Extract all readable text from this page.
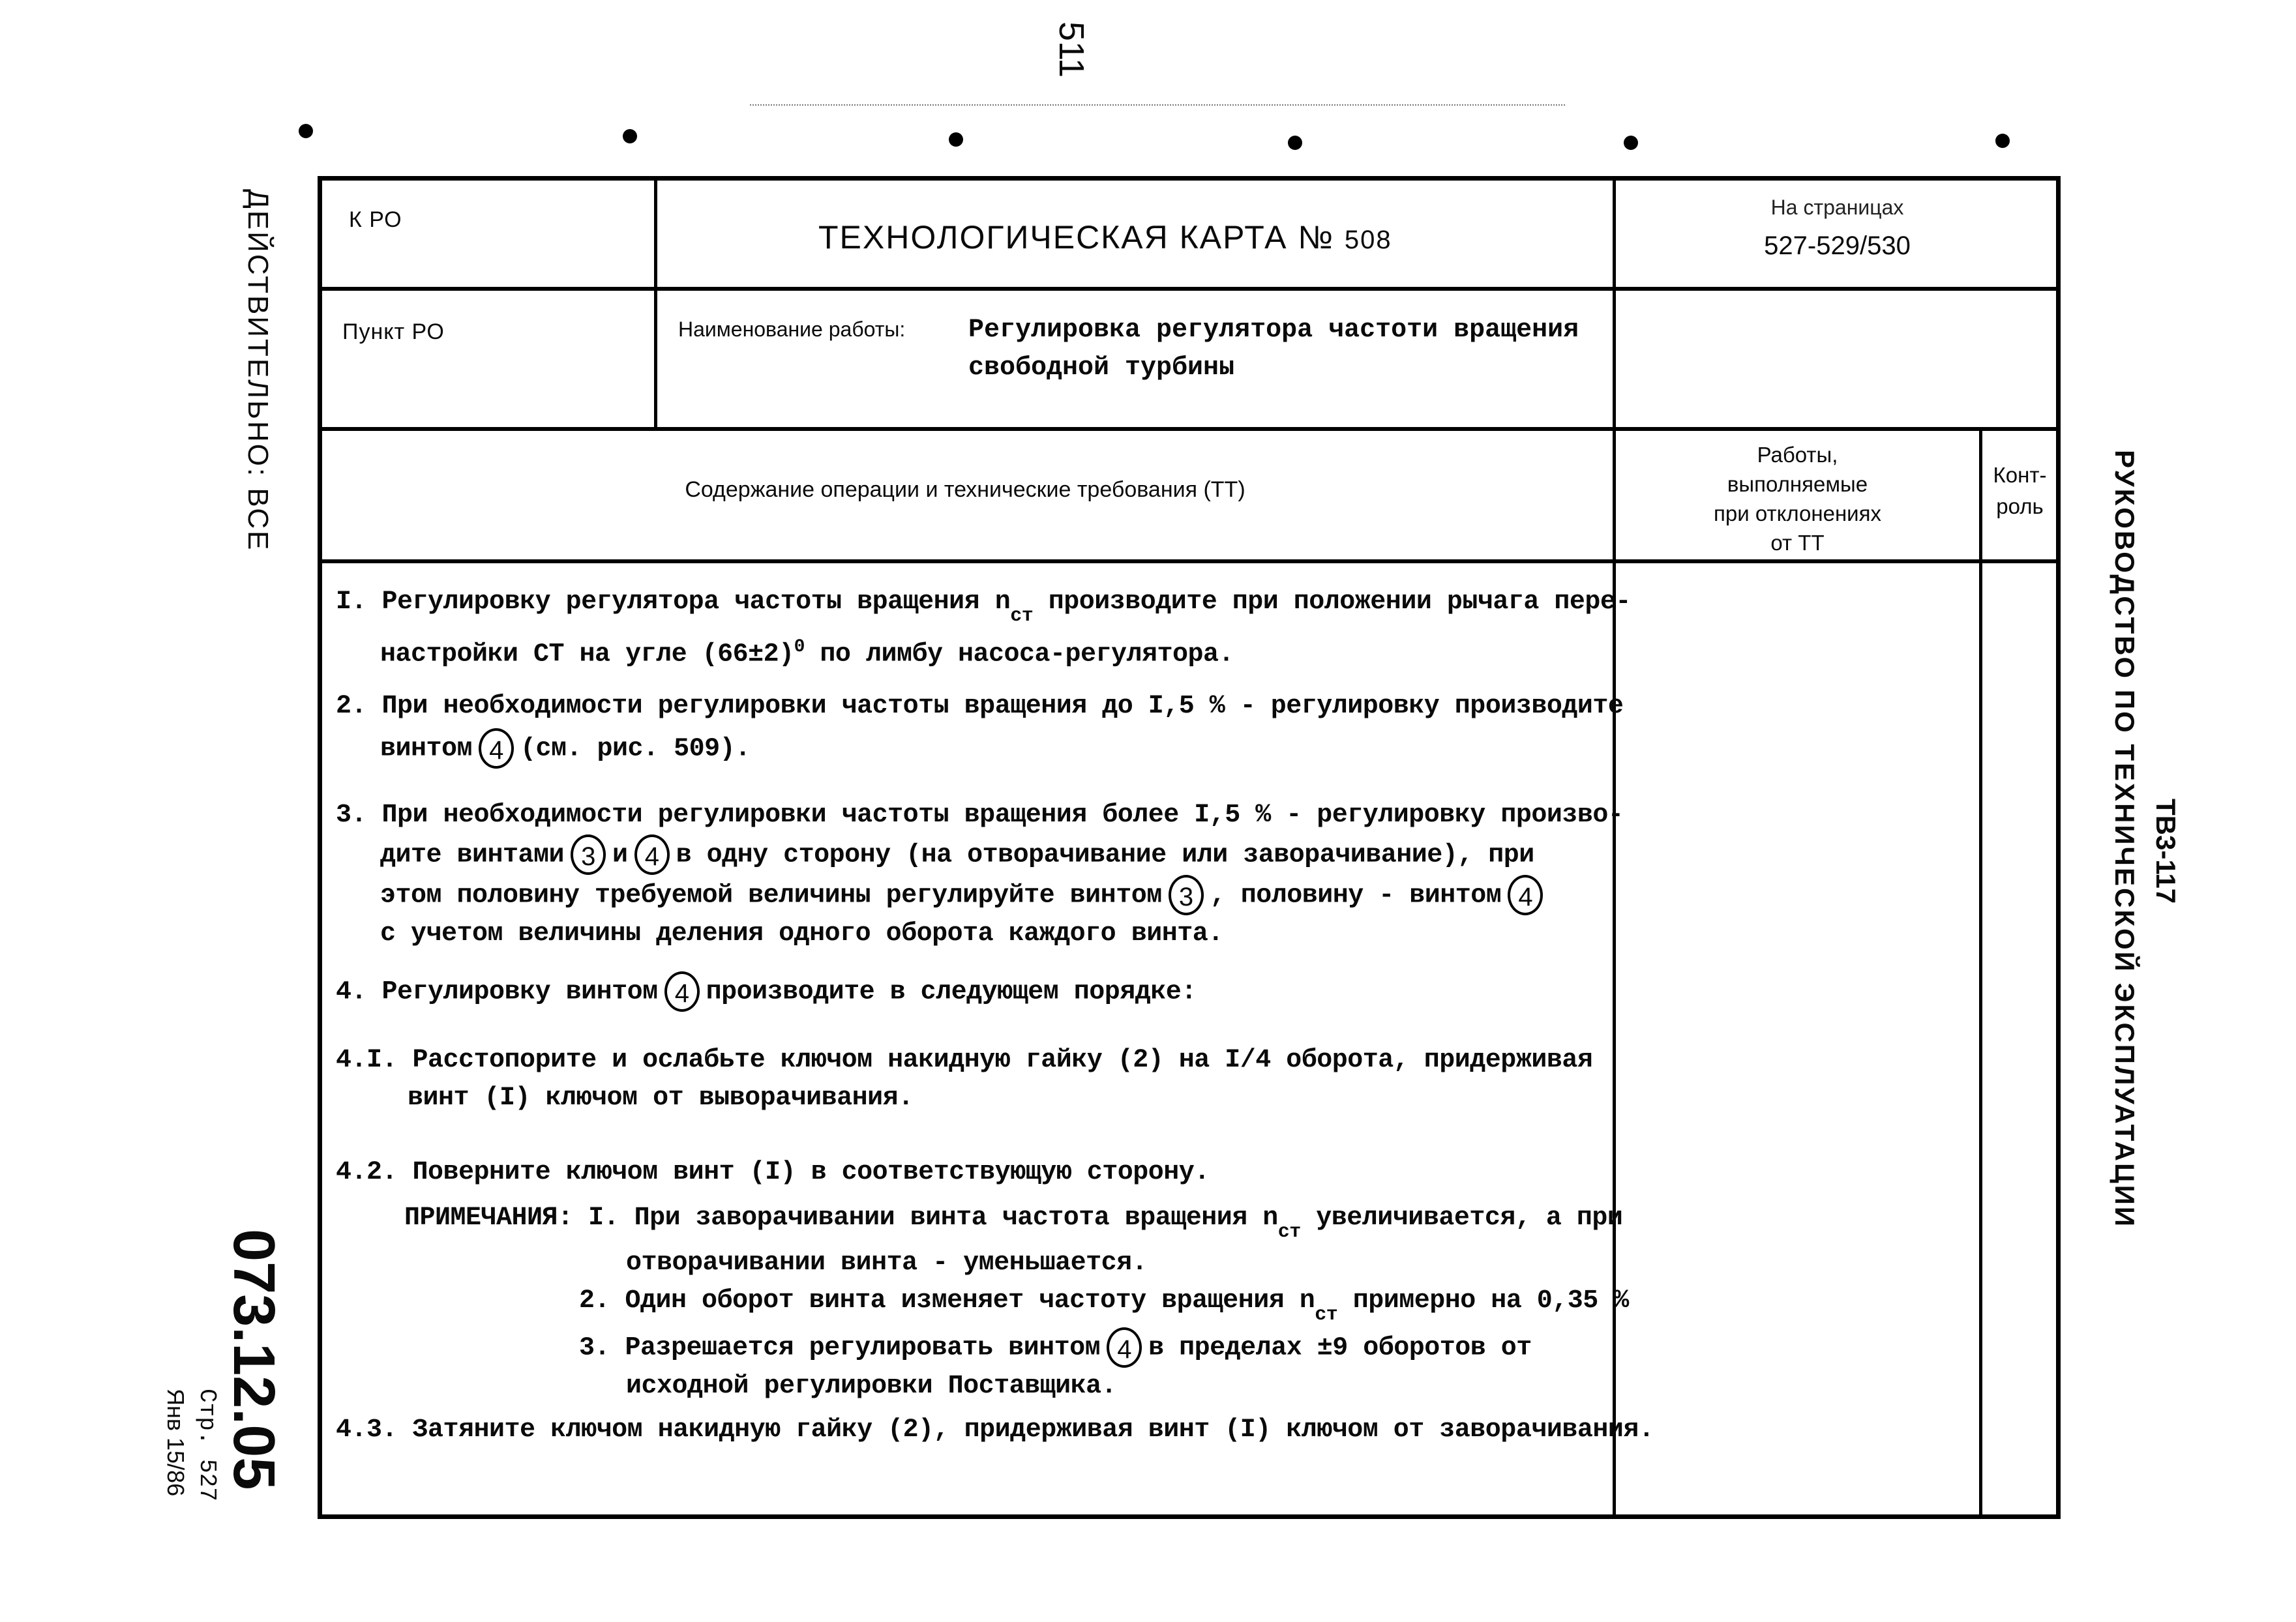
511
ДЕЙСТВИТЕЛЬНО: ВСЕ
073.12.05
Стр. 527
Янв 15/86
РУКОВОДСТВО ПО ТЕХНИЧЕСКОЙ ЭКСПЛУАТАЦИИ ТВ3-117
К РО	ТЕХНОЛОГИЧЕСКАЯ КАРТА № 508
На страницах
527-529/530
Пункт РО	Наименование работы: Регулировка регулятора частоти вращения
свободной турбины
Содержание операции и технические требования (ТТ)
Работы,
выполняемые
при отклонениях
от ТТ
Конт-
роль
I. Регулировку регулятора частоты вращения $n_{ст}$ производите при положении рычага пере-
настройки СТ на угле $(66\pm 2)^0$ по лимбу насоса-регулятора.
2. При необходимости регулировки частоты вращения до I,5 % - регулировку производите
винтом 4 (см. рис. 509).
3. При необходимости регулировки частоты вращения более I,5 % - регулировку произво-
дите винтами 3 и 4 в одну сторону (на отворачивание или заворачивание), при
этом половину требуемой величины регулируйте винтом 3 , половину - винтом 4
с учетом величины деления одного оборота каждого винта.
4. Регулировку винтом 4 производите в следующем порядке:
4.I. Расстопорите и ослабьте ключом накидную гайку (2) на I/4 оборота, придерживая
винт (I) ключом от выворачивания.
4.2. Поверните ключом винт (I) в соответствующую сторону.
ПРИМЕЧАНИЯ: I. При заворачивании винта частота вращения $n_{ст}$ увеличивается, а при
отворачивании винта - уменьшается.
2. Один оборот винта изменяет частоту вращения $n_{ст}$ примерно на 0,35 %
3. Разрешается регулировать винтом 4 в пределах ±9 оборотов от
исходной регулировки Поставщика.
4.3. Затяните ключом накидную гайку (2), придерживая винт (I) ключом от заворачивания.
